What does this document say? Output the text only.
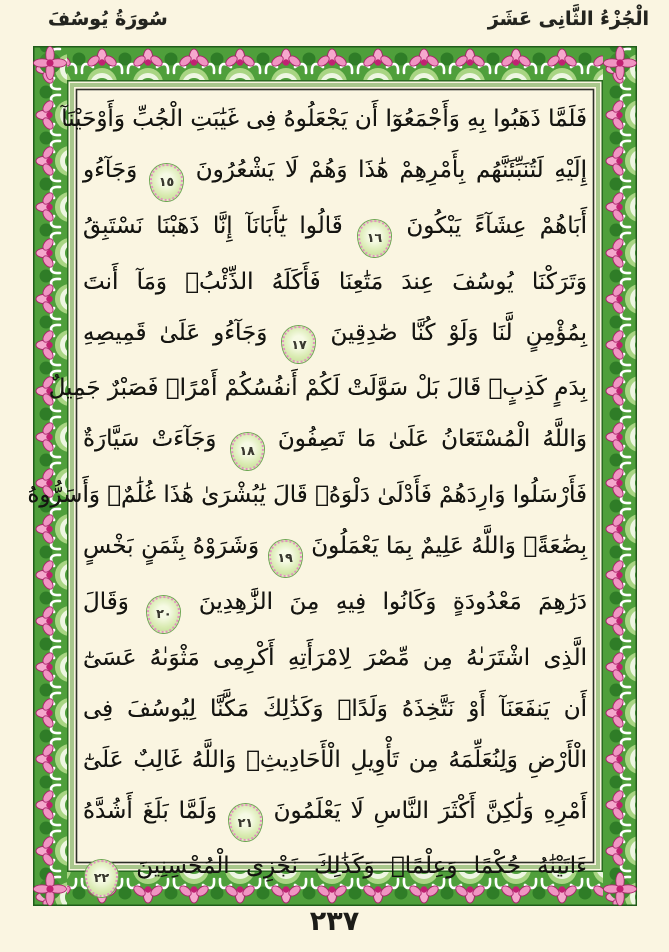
الْجُزْءُ الثَّانِى عَشَرَ
سُورَةُ يُوسُفَ
فَلَمَّا ذَهَبُوا بِهِ وَأَجْمَعُوٓا أَن يَجْعَلُوهُ فِى غَيَٰبَتِ الْجُبِّ وَأَوْحَيْنَآ
إِلَيْهِ لَتُنَبِّئَنَّهُم بِأَمْرِهِمْ هَٰذَا وَهُمْ لَا يَشْعُرُونَ
١٥
وَجَآءُو
أَبَاهُمْ عِشَآءً يَبْكُونَ
١٦
قَالُوا يَٰٓأَبَانَآ إِنَّا ذَهَبْنَا نَسْتَبِقُ
وَتَرَكْنَا يُوسُفَ عِندَ مَتَٰعِنَا فَأَكَلَهُ الذِّئْبُۖ وَمَآ أَنتَ
بِمُؤْمِنٍ لَّنَا وَلَوْ كُنَّا صَٰدِقِينَ
١٧
وَجَآءُو عَلَىٰ قَمِيصِهِ
بِدَمٍ كَذِبٍۚ قَالَ بَلْ سَوَّلَتْ لَكُمْ أَنفُسُكُمْ أَمْرًاۖ فَصَبْرٌ جَمِيلٌ
وَاللَّهُ الْمُسْتَعَانُ عَلَىٰ مَا تَصِفُونَ
١٨
وَجَآءَتْ سَيَّارَةٌ
فَأَرْسَلُوا وَارِدَهُمْ فَأَدْلَىٰ دَلْوَهُۖ قَالَ يَٰبُشْرَىٰ هَٰذَا غُلَٰمٌۚ وَأَسَرُّوهُ
بِضَٰعَةًۚ وَاللَّهُ عَلِيمٌ بِمَا يَعْمَلُونَ
١٩
وَشَرَوْهُ بِثَمَنٍ بَخْسٍ
دَرَٰهِمَ مَعْدُودَةٍ وَكَانُوا فِيهِ مِنَ الزَّٰهِدِينَ
٢٠
وَقَالَ
الَّذِى اشْتَرَىٰهُ مِن مِّصْرَ لِامْرَأَتِهِ أَكْرِمِى مَثْوَىٰهُ عَسَىٰٓ
أَن يَنفَعَنَآ أَوْ نَتَّخِذَهُ وَلَدًاۚ وَكَذَٰلِكَ مَكَّنَّا لِيُوسُفَ فِى
الْأَرْضِ وَلِنُعَلِّمَهُ مِن تَأْوِيلِ الْأَحَادِيثِۚ وَاللَّهُ غَالِبٌ عَلَىٰٓ
أَمْرِهِ وَلَٰكِنَّ أَكْثَرَ النَّاسِ لَا يَعْلَمُونَ
٢١
وَلَمَّا بَلَغَ أَشُدَّهُ
ءَاتَيْنَٰهُ حُكْمًا وَعِلْمًاۚ وَكَذَٰلِكَ نَجْزِى الْمُحْسِنِينَ
٢٢
٢٣٧
